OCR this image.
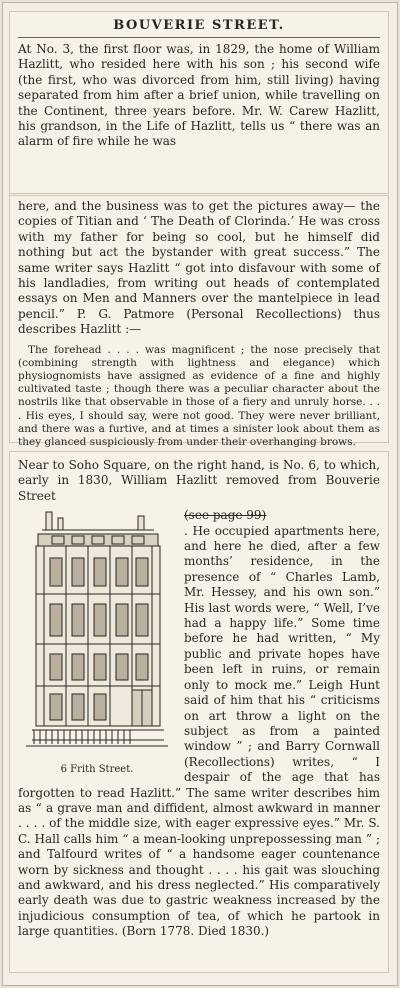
BOUVERIE STREET.

At No. 3, the first floor was, in 1829, the home of William Hazlitt, who resided here with his son ; his second wife (the first, who was divorced from him, still living) having separated from him after a brief union, while travelling on the Continent, three years before. Mr. W. Carew Hazlitt, his grandson, in the Life of Hazlitt, tells us “ there was an alarm of fire while he was

here, and the business was to get the pictures away— the copies of Titian and ‘ The Death of Clorinda.’ He was cross with my father for being so cool, but he himself did nothing but act the bystander with great success.” The same writer says Hazlitt “ got into disfavour with some of his landladies, from writing out heads of contemplated essays on Men and Manners over the mantelpiece in lead pencil.” P. G. Patmore (Personal Recollections) thus describes Hazlitt :—

The forehead . . . . was magnificent ; the nose precisely that (combining strength with lightness and elegance) which physiognomists have assigned as evidence of a fine and highly cultivated taste ; though there was a peculiar character about the nostrils like that observable in those of a fiery and unruly horse. . . . His eyes, I should say, were not good. They were never brilliant, and there was a furtive, and at times a sinister look about them as they glanced suspiciously from under their overhanging brows.

Near to Soho Square, on the right hand, is No. 6, to which, early in 1830, William Hazlitt removed from Bouverie Street

6 Frith Street.

(see page 99)

. He occupied apartments here, and here he died, after a few months’ residence, in the presence of “ Charles Lamb, Mr. Hessey, and his own son.” His last words were, “ Well, I’ve had a happy life.” Some time before he had written, “ My public and private hopes have been left in ruins, or remain only to mock me.” Leigh Hunt said of him that his “ criticisms on art throw a light on the subject as from a painted window ” ; and Barry Cornwall (Recollections) writes, “ I despair of the age that has forgotten to read Hazlitt.” The same writer describes him as “ a grave man and diffident, almost awkward in manner . . . . of the middle size, with eager expressive eyes.” Mr. S. C. Hall calls him “ a mean-looking unprepossessing man ” ; and Talfourd writes of “ a handsome eager countenance worn by sickness and thought . . . . his gait was slouching and awkward, and his dress neglected.” His comparatively early death was due to gastric weakness increased by the injudicious consumption of tea, of which he partook in large quantities. (Born 1778. Died 1830.)
